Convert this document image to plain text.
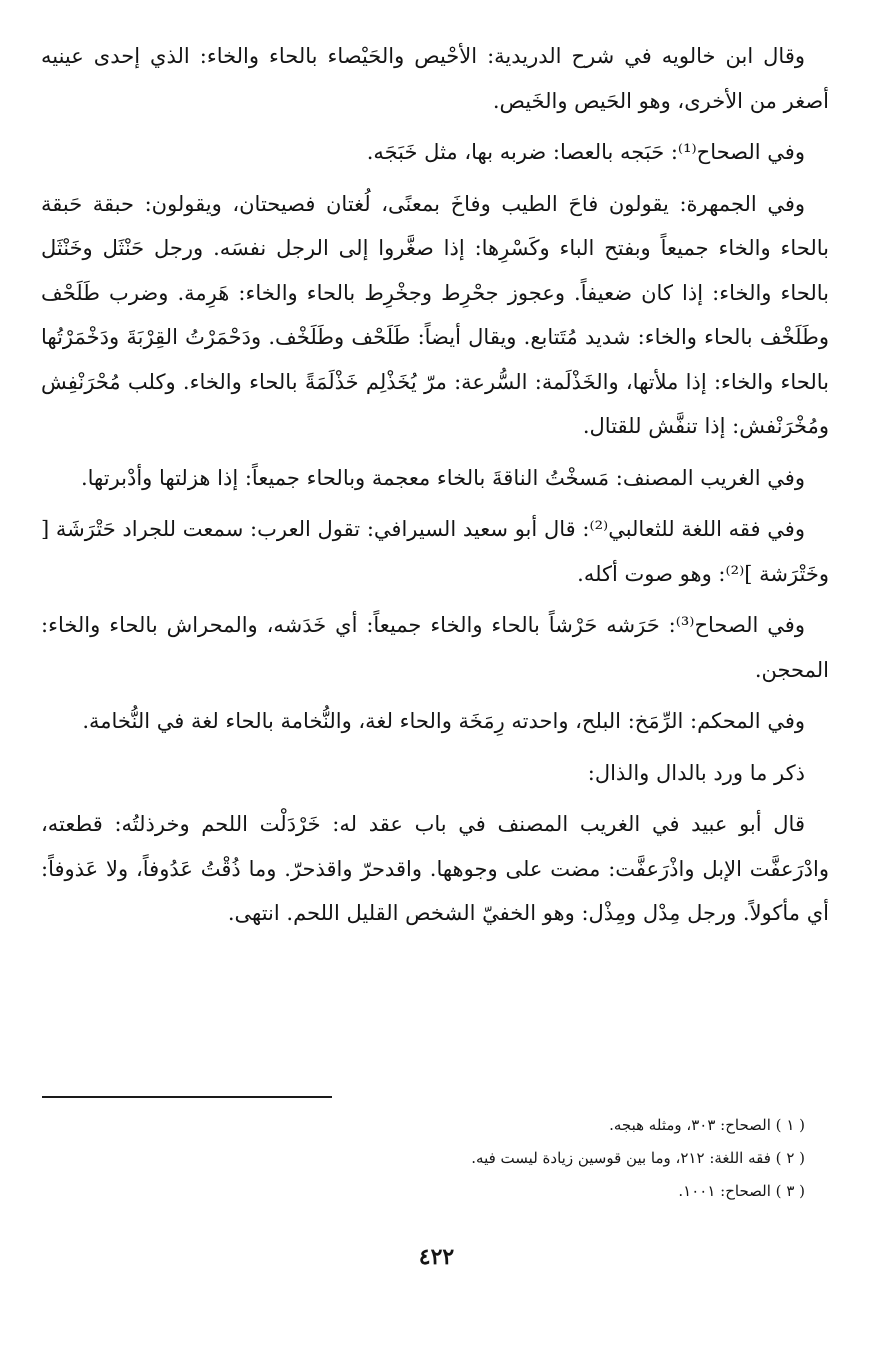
وقال ابن خالويه في شرح الدريدية: الأحْيص والحَيْصاء بالحاء والخاء: الذي إحدى عينيه أصغر من الأخرى، وهو الحَيص والخَيص.

وفي الصحاح⁽¹⁾: حَبَجه بالعصا: ضربه بها، مثل خَبَجَه.

وفي الجمهرة: يقولون فاحَ الطيب وفاخَ بمعنًى، لُغتان فصيحتان، ويقولون: حبقة حَبقة بالحاء والخاء جميعاً وبفتح الباء وكَسْرِها: إذا صغَّروا إلى الرجل نفسَه. ورجل حَنْثَل وخَنْثَل بالحاء والخاء: إذا كان ضعيفاً. وعجوز جحْرِط وجخْرِط بالحاء والخاء: هَرِمة. وضرب طَلَحْف وطَلَخْف بالحاء والخاء: شديد مُتَتابع. ويقال أيضاً: طَلَحْف وطَلَخْف. ودَحْمَرْتُ القِرْبَةَ ودَخْمَرْتُها بالحاء والخاء: إذا ملأتها، والخَذْلَمة: السُّرعة: مرّ يُخَذْلِم خَذْلَمَةً بالحاء والخاء. وكلب مُحْرَنْفِش ومُخْرَنْفش: إذا تنفَّش للقتال.

وفي الغريب المصنف: مَسخْتُ الناقةَ بالخاء معجمة وبالحاء جميعاً: إذا هزلتها وأدْبرتها.

وفي فقه اللغة للثعالبي⁽²⁾: قال أبو سعيد السيرافي: تقول العرب: سمعت للجراد حَتْرَشَة [ وخَتْرَشة ]⁽²⁾: وهو صوت أكله.

وفي الصحاح⁽³⁾: حَرَشه حَرْشاً بالحاء والخاء جميعاً: أي خَدَشه، والمحراش بالحاء والخاء: المحجن.

وفي المحكم: الرِّمَخ: البلح، واحدته رِمَخَة والحاء لغة، والنُّخامة بالحاء لغة في النُّخامة.

ذكر ما ورد بالدال والذال:

قال أبو عبيد في الغريب المصنف في باب عقد له: خَرْدَلْت اللحم وخرذلتُه: قطعته، وادْرَعفَّت الإبل واذْرَعفَّت: مضت على وجوهها. واقدحرّ واقذحرّ. وما ذُقْتُ عَدُوفاً، ولا عَذوفاً: أي مأكولاً. ورجل مِدْل ومِذْل: وهو الخفيّ الشخص القليل اللحم. انتهى.

( ١ ) الصحاح: ٣٠٣، ومثله هبجه.
( ٢ ) فقه اللغة: ٢١٢، وما بين قوسين زيادة ليست فيه.
( ٣ ) الصحاح: ١٠٠١.
٤٢٢
